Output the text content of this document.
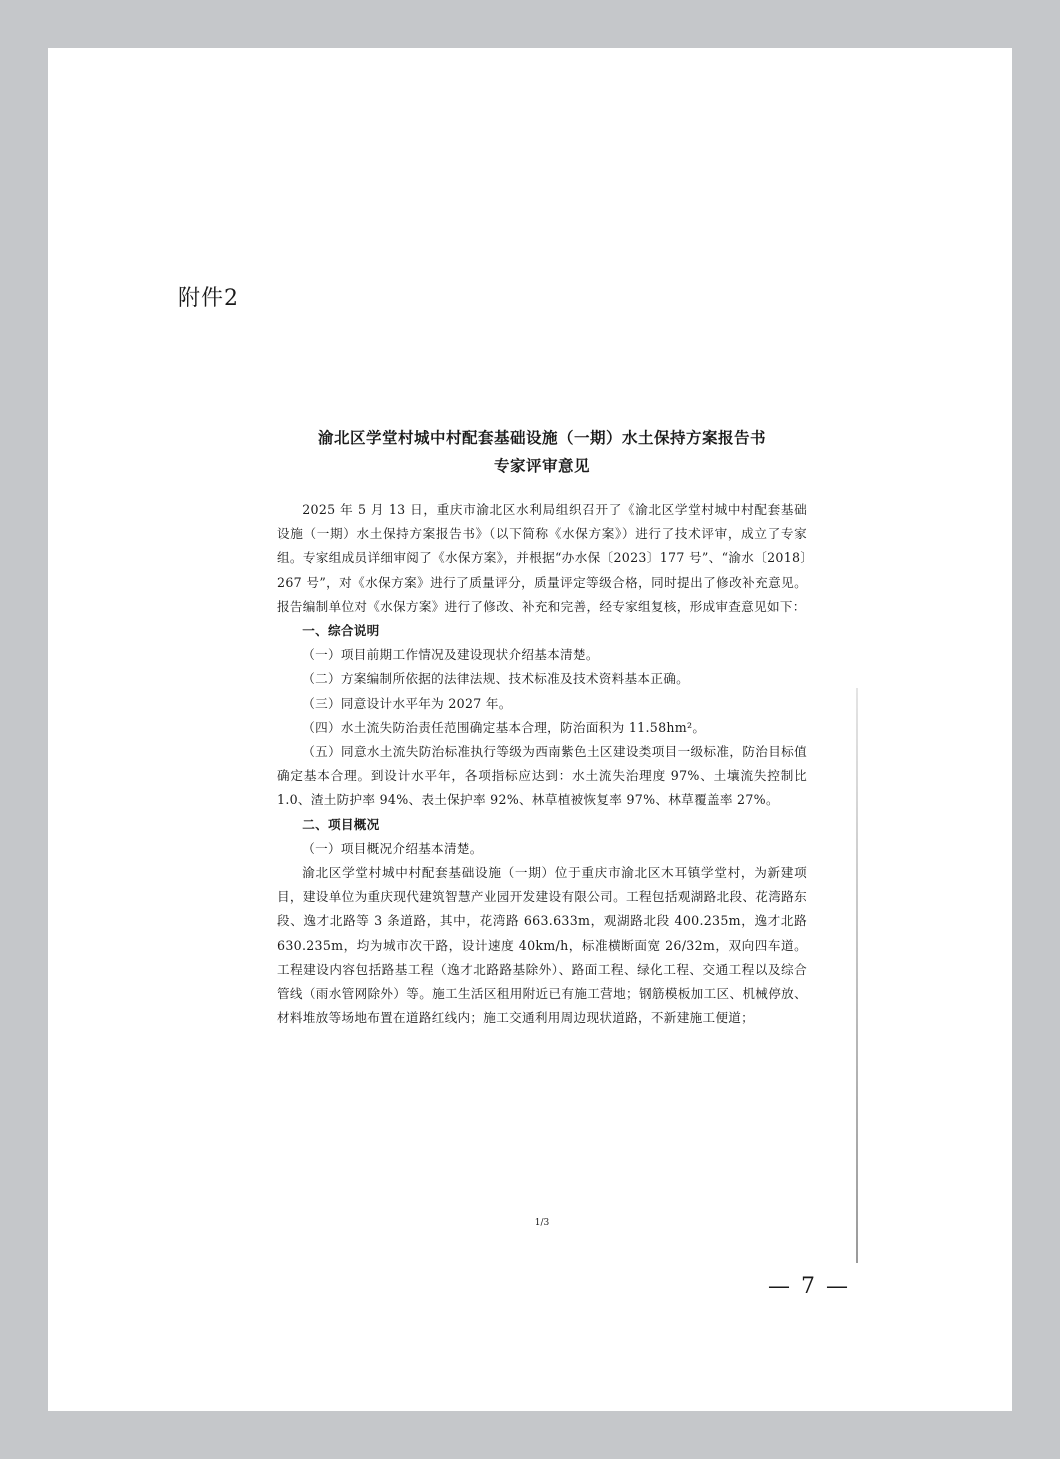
附件2
渝北区学堂村城中村配套基础设施（一期）水土保持方案报告书
专家评审意见

2025 年 5 月 13 日，重庆市渝北区水利局组织召开了《渝北区学堂村城中村配套基础设施（一期）水土保持方案报告书》（以下简称《水保方案》）进行了技术评审，成立了专家组。专家组成员详细审阅了《水保方案》，并根据“办水保〔2023〕177 号”、“渝水〔2018〕267 号”，对《水保方案》进行了质量评分，质量评定等级合格，同时提出了修改补充意见。报告编制单位对《水保方案》进行了修改、补充和完善，经专家组复核，形成审查意见如下：

一、综合说明

（一）项目前期工作情况及建设现状介绍基本清楚。

（二）方案编制所依据的法律法规、技术标准及技术资料基本正确。

（三）同意设计水平年为 2027 年。

（四）水土流失防治责任范围确定基本合理，防治面积为 11.58hm²。

（五）同意水土流失防治标准执行等级为西南紫色土区建设类项目一级标准，防治目标值确定基本合理。到设计水平年，各项指标应达到：水土流失治理度 97%、土壤流失控制比 1.0、渣土防护率 94%、表土保护率 92%、林草植被恢复率 97%、林草覆盖率 27%。

二、项目概况

（一）项目概况介绍基本清楚。

渝北区学堂村城中村配套基础设施（一期）位于重庆市渝北区木耳镇学堂村，为新建项目，建设单位为重庆现代建筑智慧产业园开发建设有限公司。工程包括观湖路北段、花湾路东段、逸才北路等 3 条道路，其中，花湾路 663.633m，观湖路北段 400.235m，逸才北路 630.235m，均为城市次干路，设计速度 40km/h，标准横断面宽 26/32m，双向四车道。工程建设内容包括路基工程（逸才北路路基除外）、路面工程、绿化工程、交通工程以及综合管线（雨水管网除外）等。施工生活区租用附近已有施工营地；钢筋模板加工区、机械停放、材料堆放等场地布置在道路红线内；施工交通利用周边现状道路，不新建施工便道；

1/3
— 7 —
